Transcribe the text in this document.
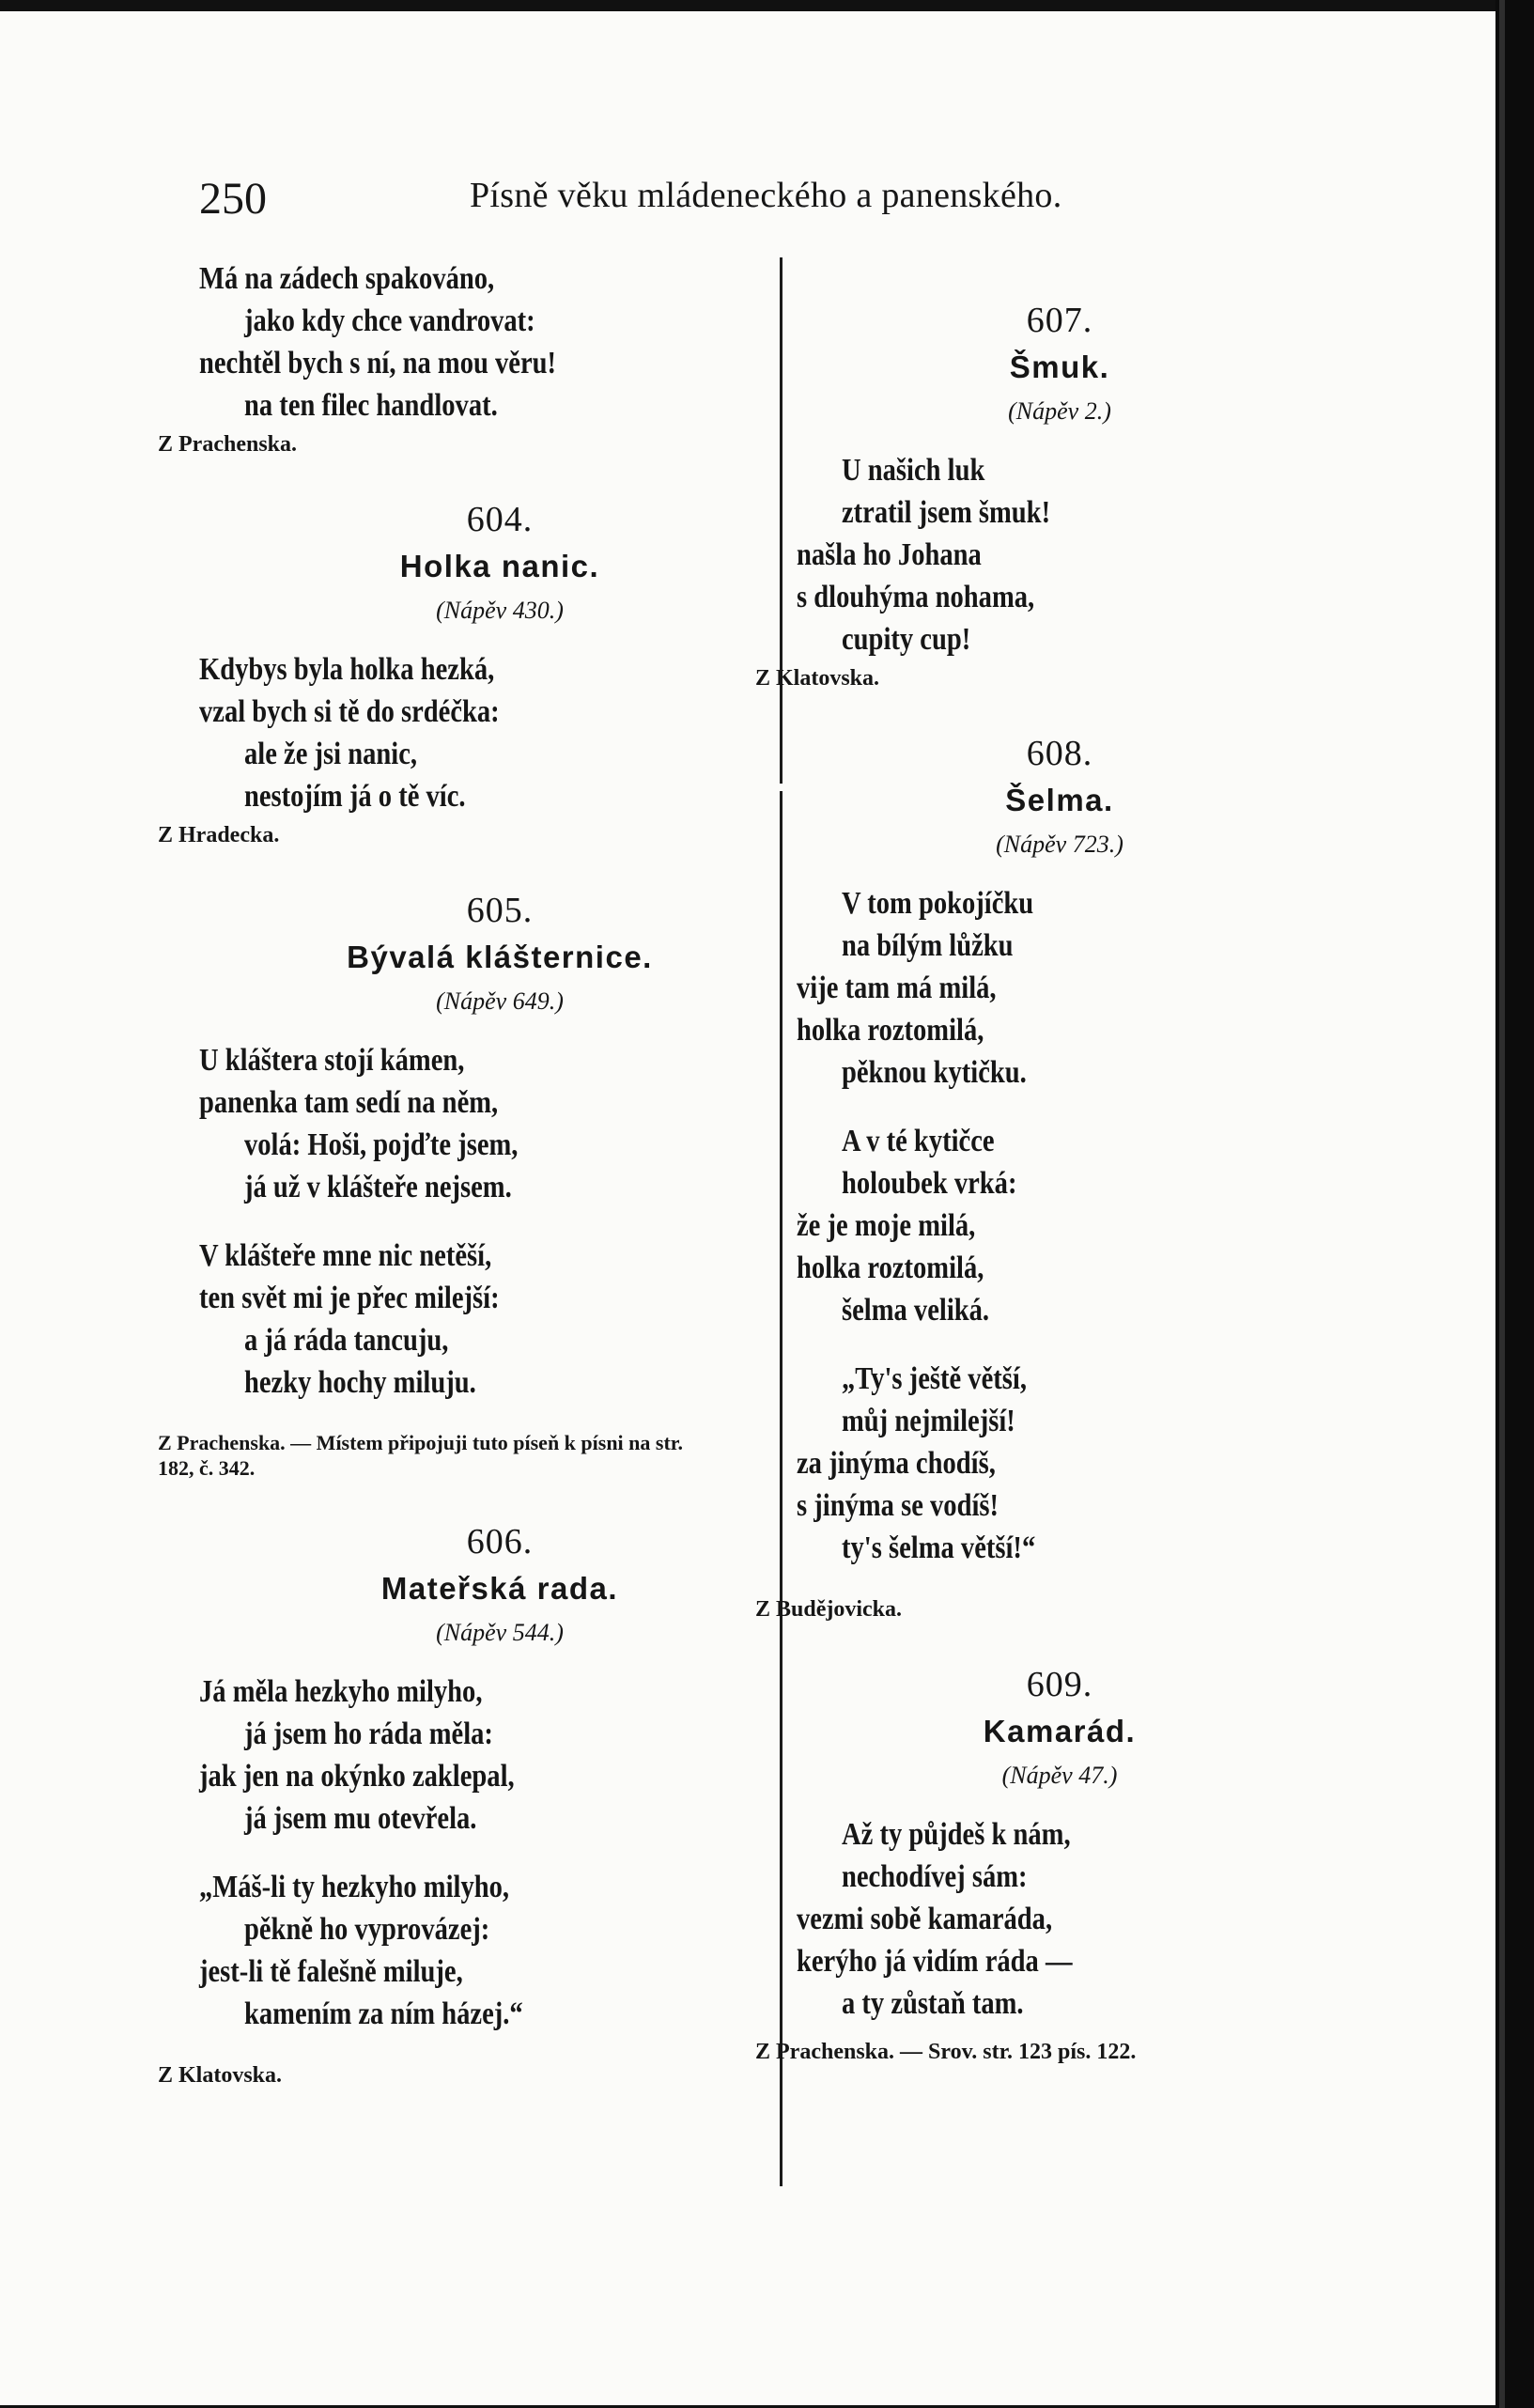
250	Písně věku mládeneckého a panenského.
Má na zádech spakováno,
jako kdy chce vandrovat:
nechtěl bych s ní, na mou věru!
na ten filec handlovat.
Z Prachenska.
604.
Holka nanic.
(Nápěv 430.)
Kdybys byla holka hezká,
vzal bych si tě do srdéčka:
ale že jsi nanic,
nestojím já o tě víc.
Z Hradecka.
605.
Bývalá klášternice.
(Nápěv 649.)
U kláštera stojí kámen,
panenka tam sedí na něm,
volá: Hoši, pojďte jsem,
já už v klášteře nejsem.
V klášteře mne nic netěší,
ten svět mi je přec milejší:
a já ráda tancuju,
hezky hochy miluju.
Z Prachenska. — Místem připojuji tuto píseň k písni na str. 182, č. 342.
606.
Mateřská rada.
(Nápěv 544.)
Já měla hezkyho milyho,
já jsem ho ráda měla:
jak jen na okýnko zaklepal,
já jsem mu otevřela.
„Máš-li ty hezkyho milyho,
pěkně ho vyprovázej:
jest-li tě falešně miluje,
kamením za ním házej.“
Z Klatovska.
607.
Šmuk.
(Nápěv 2.)
U našich luk
ztratil jsem šmuk!
našla ho Johana
s dlouhýma nohama,
cupity cup!
Z Klatovska.
608.
Šelma.
(Nápěv 723.)
V tom pokojíčku
na bílým lůžku
vije tam má milá,
holka roztomilá,
pěknou kytičku.
A v té kytičce
holoubek vrká:
že je moje milá,
holka roztomilá,
šelma veliká.
„Ty's ještě větší,
můj nejmilejší!
za jinýma chodíš,
s jinýma se vodíš!
ty's šelma větší!“
Z Budějovicka.
609.
Kamarád.
(Nápěv 47.)
Až ty půjdeš k nám,
nechodívej sám:
vezmi sobě kamaráda,
kerýho já vidím ráda —
a ty zůstaň tam.
Z Prachenska. — Srov. str. 123 pís. 122.
